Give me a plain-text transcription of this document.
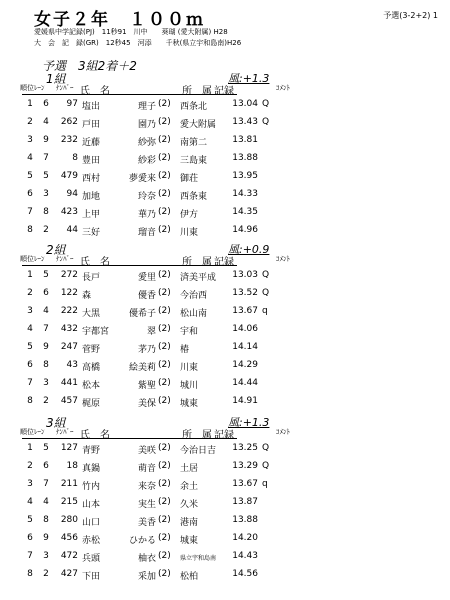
女子２年　１００ｍ	予選(3-2+2) 1
愛媛県中学記録(PJ)　11秒91　川中　　葵瑚 (愛大附属) H28
大　会　記　録(GR)　12秒45　河添　　千秋(県立宇和島南)H26
予選　3組2着＋2
1組	風:+1.3
順位 ﾚｰﾝ ﾅﾝﾊﾞｰ 氏　名	所　属 記録	ｺﾒﾝﾄ
1	6	97 塩出	理子 (2) 西条北	13.04 Q
2	4	262 戸田	園乃 (2) 愛大附属	13.43 Q
3	9	232 近藤	紗弥 (2) 南第二	13.81
4	7	8 豊田	紗彩 (2) 三島東	13.88
5	5	479 西村	夢愛来 (2) 御荘	13.95
6	3	94 加地	玲奈 (2) 西条東	14.33
7	8	423 上甲	華乃 (2) 伊方	14.35
8	2	44 三好	瑠音 (2) 川東	14.96
2組	風:+0.9
順位 ﾚｰﾝ ﾅﾝﾊﾞｰ 氏　名	所　属 記録	ｺﾒﾝﾄ
1	5	272 長戸	愛里 (2) 済美平成	13.03 Q
2	6	122 森	優香 (2) 今治西	13.52 Q
3	4	222 大黒	優希子 (2) 松山南	13.67 q
4	7	432 宇都宮	翠 (2) 宇和	14.06
5	9	247 菅野	茅乃 (2) 椿	14.14
6	8	43 高橋	絵美莉 (2) 川東	14.29
7	3	441 松本	紫聖 (2) 城川	14.44
8	2	457 梶原	美保 (2) 城東	14.91
3組	風:+1.3
順位 ﾚｰﾝ ﾅﾝﾊﾞｰ 氏　名	所　属 記録	ｺﾒﾝﾄ
1	5	127 青野	美咲 (2) 今治日吉	13.25 Q
2	6	18 真鍋	萌音 (2) 土居	13.29 Q
3	7	211 竹内	来奈 (2) 余土	13.67 q
4	4	215 山本	実生 (2) 久米	13.87
5	8	280 山口	美香 (2) 港南	13.88
6	9	456 赤松	ひかる (2) 城東	14.20
7	3	472 兵頭	柚衣 (2) 県立宇和島南	14.43
8	2	427 下田	采加 (2) 松柏	14.56
